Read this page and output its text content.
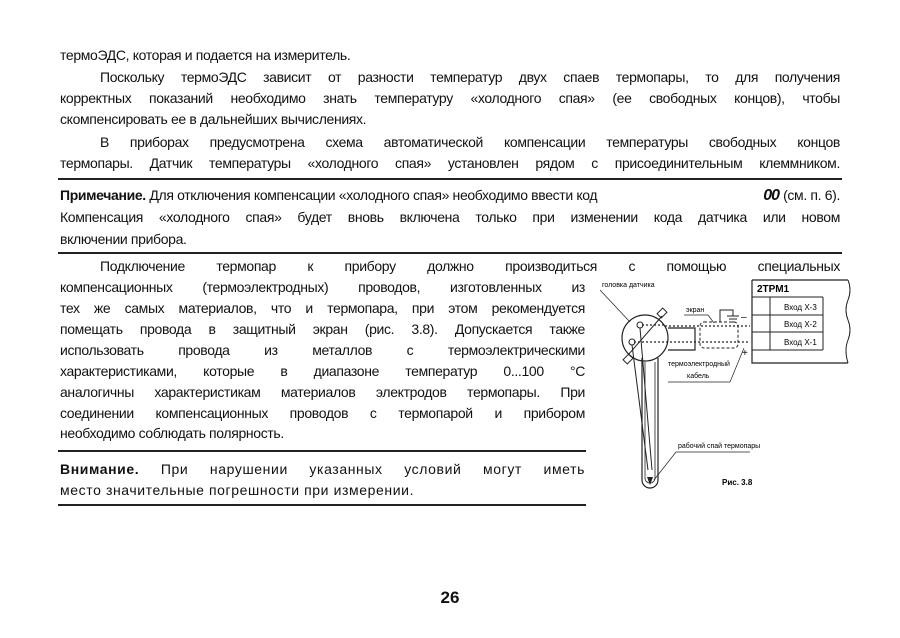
термоЭДС, которая и подается на измеритель.
Поскольку термоЭДС зависит от разности температур двух спаев термопары, то для получения
корректных показаний необходимо знать температуру «холодного спая» (ее свободных концов), чтобы
скомпенсировать ее в дальнейших вычислениях.
В приборах предусмотрена схема автоматической компенсации температуры свободных концов
термопары. Датчик температуры «холодного спая» установлен рядом с присоединительным клеммником.
Примечание. Для отключения компенсации «холодного спая» необходимо ввести код	00 (см. п. 6).
Компенсация «холодного спая» будет вновь включена только при изменении кода датчика или новом
включении прибора.
Подключение термопар к прибору должно производиться с помощью специальных
компенсационных (термоэлектродных) проводов, изготовленных из
тех же самых материалов, что и термопара, при этом рекомендуется
помещать провода в защитный экран (рис. 3.8). Допускается также
использовать провода из металлов с термоэлектрическими
характеристиками, которые в диапазоне температур 0...100 °С
аналогичны характеристикам материалов электродов термопары. При
соединении компенсационных проводов с термопарой и прибором
необходимо соблюдать полярность.
Внимание. При нарушении указанных условий могут иметь
место значительные погрешности при измерении.
2ТРМ1
Вход Х-3
Вход Х-2
Вход Х-1
–
+
головка датчика
экран
термоэлектродный
кабель
рабочий спай термопары
Рис. 3.8
26
